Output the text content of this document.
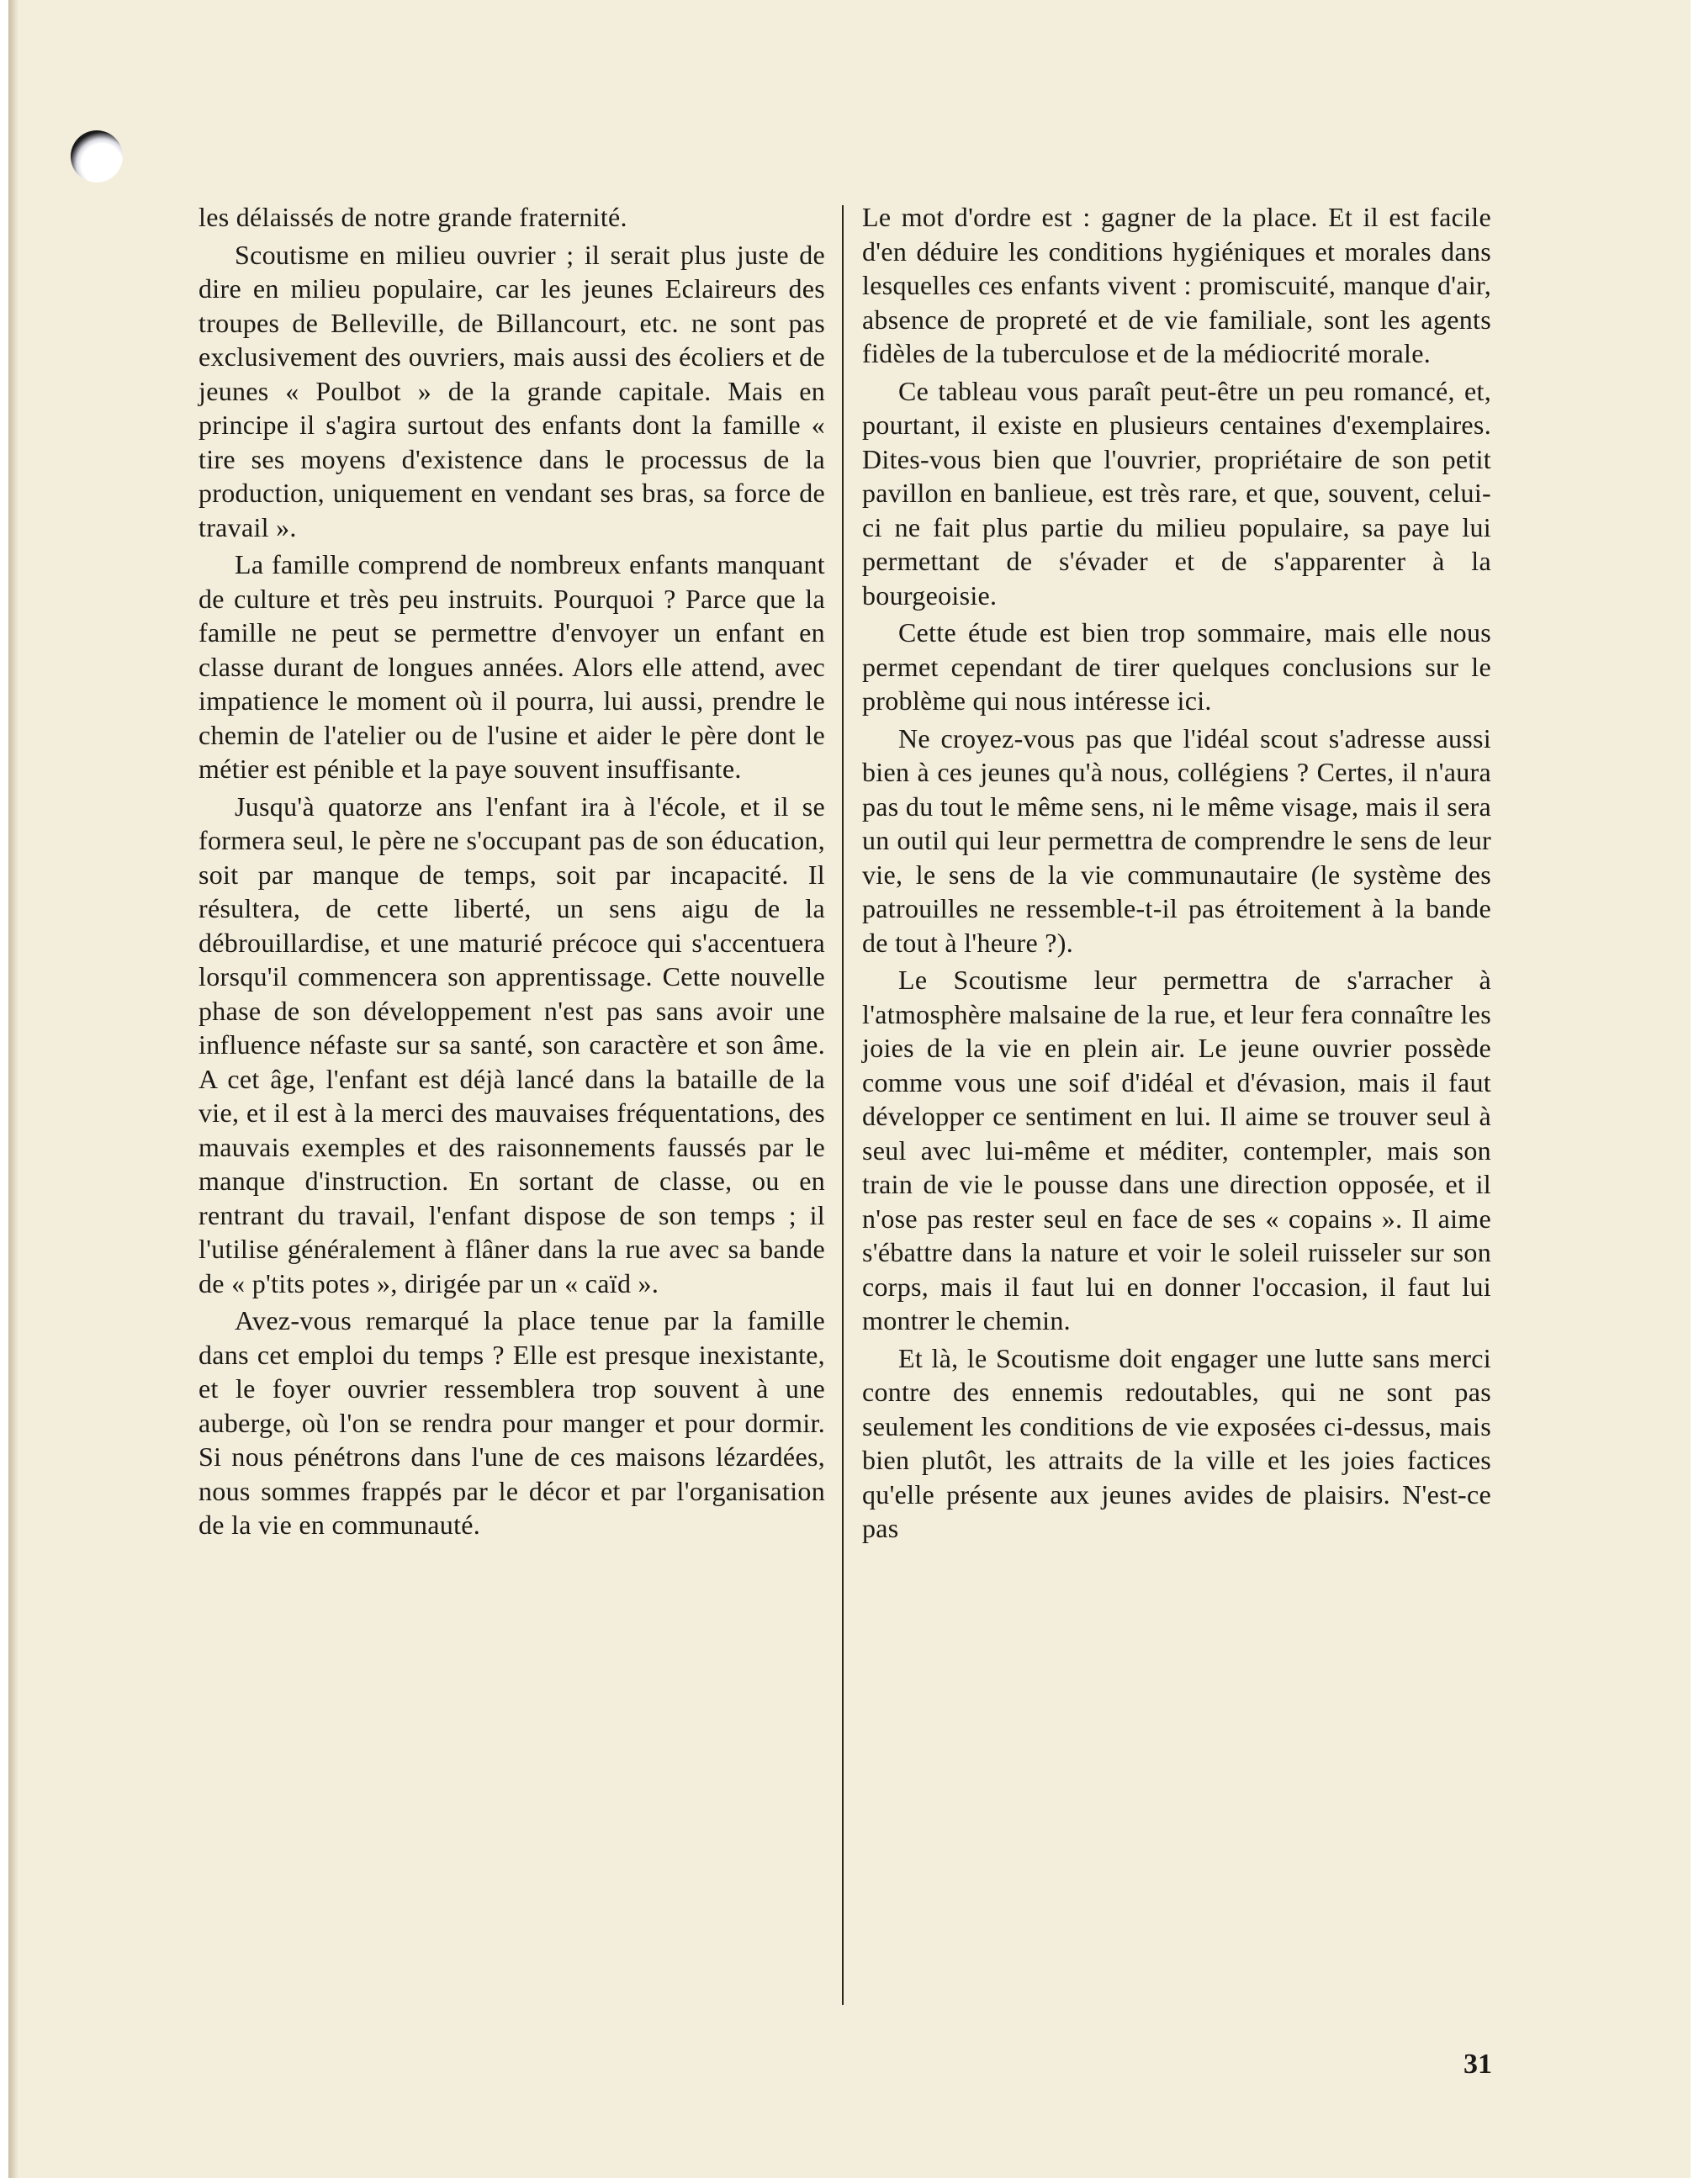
les délaissés de notre grande fraternité.

Scoutisme en milieu ouvrier ; il serait plus juste de dire en milieu populaire, car les jeunes Eclaireurs des troupes de Belleville, de Billancourt, etc. ne sont pas exclusivement des ouvriers, mais aussi des écoliers et de jeunes « Poulbot » de la grande capitale. Mais en principe il s'agira surtout des enfants dont la famille « tire ses moyens d'existence dans le processus de la production, uniquement en vendant ses bras, sa force de travail ».

La famille comprend de nombreux enfants manquant de culture et très peu instruits. Pourquoi ? Parce que la famille ne peut se permettre d'envoyer un enfant en classe durant de longues années. Alors elle attend, avec impatience le moment où il pourra, lui aussi, prendre le chemin de l'atelier ou de l'usine et aider le père dont le métier est pénible et la paye souvent insuffisante.

Jusqu'à quatorze ans l'enfant ira à l'école, et il se formera seul, le père ne s'occupant pas de son éducation, soit par manque de temps, soit par incapacité. Il résultera, de cette liberté, un sens aigu de la débrouillardise, et une maturié précoce qui s'accentuera lorsqu'il commencera son apprentissage. Cette nouvelle phase de son développement n'est pas sans avoir une influence néfaste sur sa santé, son caractère et son âme. A cet âge, l'enfant est déjà lancé dans la bataille de la vie, et il est à la merci des mauvaises fréquentations, des mauvais exemples et des raisonnements faussés par le manque d'instruction. En sortant de classe, ou en rentrant du travail, l'enfant dispose de son temps ; il l'utilise généralement à flâner dans la rue avec sa bande de « p'tits potes », dirigée par un « caïd ».

Avez-vous remarqué la place tenue par la famille dans cet emploi du temps ? Elle est presque inexistante, et le foyer ouvrier ressemblera trop souvent à une auberge, où l'on se rendra pour manger et pour dormir. Si nous pénétrons dans l'une de ces maisons lézardées, nous sommes frappés par le décor et par l'organisation de la vie en communauté.

Le mot d'ordre est : gagner de la place. Et il est facile d'en déduire les conditions hygiéniques et morales dans lesquelles ces enfants vivent : promiscuité, manque d'air, absence de propreté et de vie familiale, sont les agents fidèles de la tuberculose et de la médiocrité morale.

Ce tableau vous paraît peut-être un peu romancé, et, pourtant, il existe en plusieurs centaines d'exemplaires. Dites-vous bien que l'ouvrier, propriétaire de son petit pavillon en banlieue, est très rare, et que, souvent, celui-ci ne fait plus partie du milieu populaire, sa paye lui permettant de s'évader et de s'apparenter à la bourgeoisie.

Cette étude est bien trop sommaire, mais elle nous permet cependant de tirer quelques conclusions sur le problème qui nous intéresse ici.

Ne croyez-vous pas que l'idéal scout s'adresse aussi bien à ces jeunes qu'à nous, collégiens ? Certes, il n'aura pas du tout le même sens, ni le même visage, mais il sera un outil qui leur permettra de comprendre le sens de leur vie, le sens de la vie communautaire (le système des patrouilles ne ressemble-t-il pas étroitement à la bande de tout à l'heure ?).

Le Scoutisme leur permettra de s'arracher à l'atmosphère malsaine de la rue, et leur fera connaître les joies de la vie en plein air. Le jeune ouvrier possède comme vous une soif d'idéal et d'évasion, mais il faut développer ce sentiment en lui. Il aime se trouver seul à seul avec lui-même et méditer, contempler, mais son train de vie le pousse dans une direction opposée, et il n'ose pas rester seul en face de ses « copains ». Il aime s'ébattre dans la nature et voir le soleil ruisseler sur son corps, mais il faut lui en donner l'occasion, il faut lui montrer le chemin.

Et là, le Scoutisme doit engager une lutte sans merci contre des ennemis redoutables, qui ne sont pas seulement les conditions de vie exposées ci-dessus, mais bien plutôt, les attraits de la ville et les joies factices qu'elle présente aux jeunes avides de plaisirs. N'est-ce pas

31
